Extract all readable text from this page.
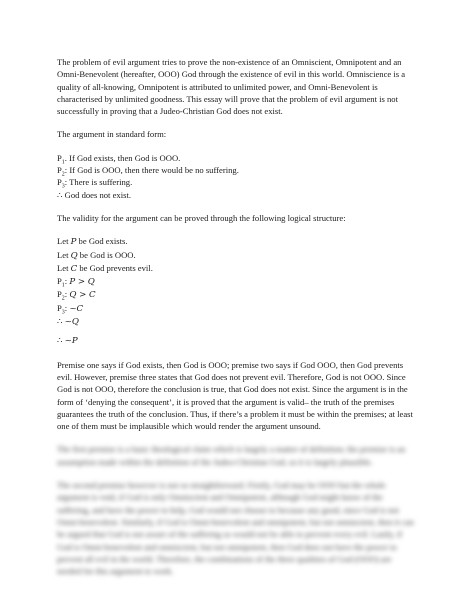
The problem of evil argument tries to prove the non-existence of an Omniscient, Omnipotent and an Omni-Benevolent (hereafter, OOO) God through the existence of evil in this world. Omniscience is a quality of all-knowing, Omnipotent is attributed to unlimited power, and Omni-Benevolent is characterised by unlimited goodness. This essay will prove that the problem of evil argument is not successfully in proving that a Judeo-Christian God does not exist.

The argument in standard form:

$P_1$. If God exists, then God is OOO.
$P_2$: If God is OOO, then there would be no suffering.
$P_3$: There is suffering.
∴ God does not exist.

The validity for the argument can be proved through the following logical structure:

Let P be God exists.
Let Q be God is OOO.
Let C be God prevents evil.
$P_1$: P > Q
$P_2$: Q > C
$P_3$: ~C
∴ ~Q
∴ ~P

Premise one says if God exists, then God is OOO; premise two says if God OOO, then God prevents evil. However, premise three states that God does not prevent evil. Therefore, God is not OOO. Since God is not OOO, therefore the conclusion is true, that God does not exist. Since the argument is in the form of ‘denying the consequent’, it is proved that the argument is valid– the truth of the premises guarantees the truth of the conclusion. Thus, if there’s a problem it must be within the premises; at least one of them must be implausible which would render the argument unsound.

The first premise is a basic theological claim which is largely a matter of definition; the premise is an assumption made within the definition of the Judeo-Christian God, so it is largely plausible.

The second premise however is not so straightforward. Firstly, God may be OOO but the whole argument is void, if God is only Omniscient and Omnipotent, although God might know of the suffering, and have the power to help, God would not choose to because any good, since God is not Omni-benevolent. Similarly, if God is Omni-benevolent and omnipotent, but not omniscient, then it can be argued that God is not aware of the suffering so would not be able to prevent every evil. Lastly, if God is Omni-benevolent and omniscient, but not omnipotent, then God does not have the power to prevent all evil in the world. Therefore, the combinations of the three qualities of God (OOO) are needed for this argument to work.
